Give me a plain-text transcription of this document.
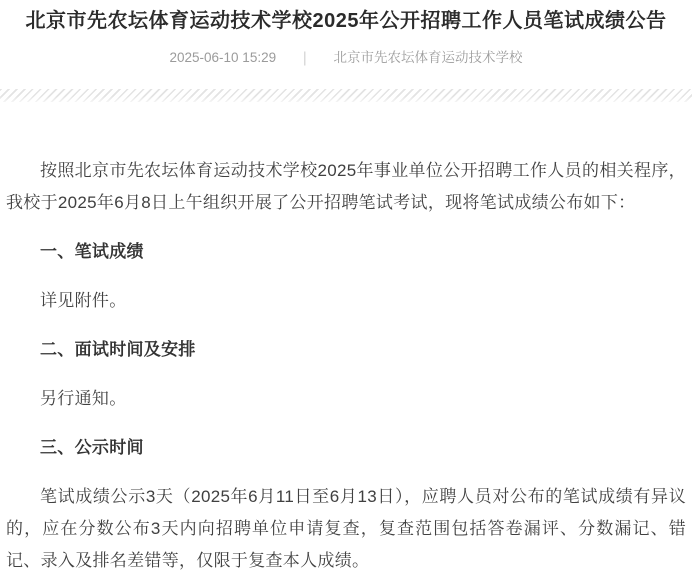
北京市先农坛体育运动技术学校2025年公开招聘工作人员笔试成绩公告
2025-06-10 15:29 | 北京市先农坛体育运动技术学校

按照北京市先农坛体育运动技术学校2025年事业单位公开招聘工作人员的相关程序，我校于2025年6月8日上午组织开展了公开招聘笔试考试，现将笔试成绩公布如下：

一、笔试成绩

详见附件。

二、面试时间及安排

另行通知。

三、公示时间

笔试成绩公示3天（2025年6月11日至6月13日），应聘人员对公布的笔试成绩有异议的，应在分数公布3天内向招聘单位申请复查，复查范围包括答卷漏评、分数漏记、错记、录入及排名差错等，仅限于复查本人成绩。
